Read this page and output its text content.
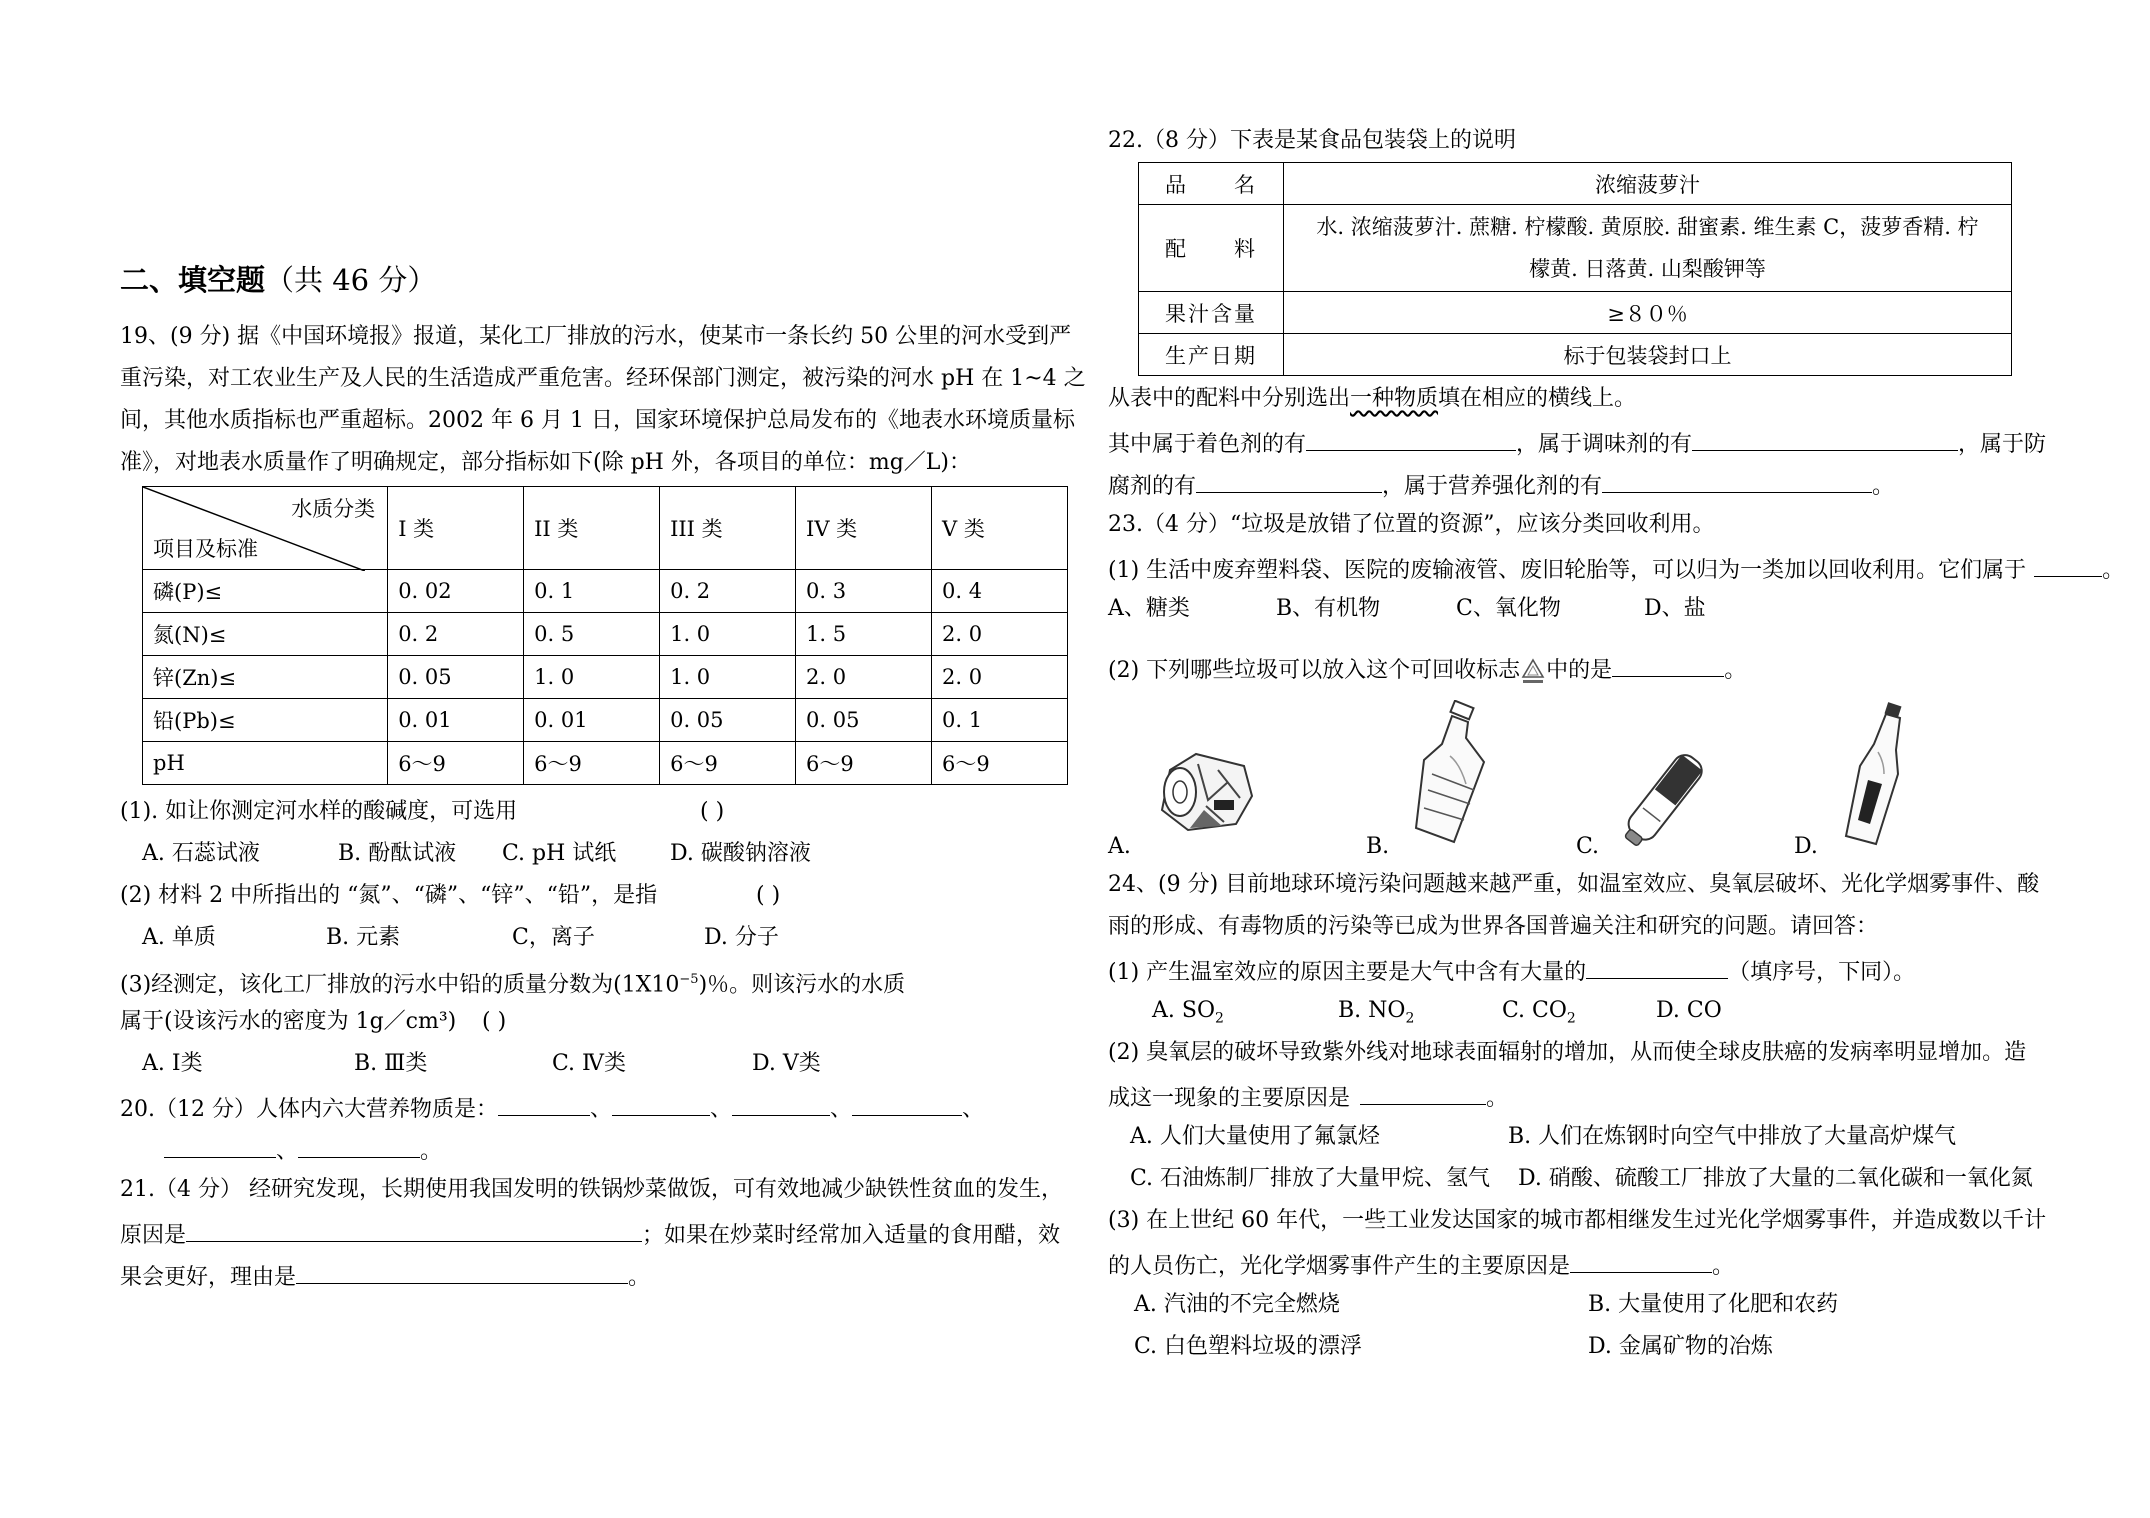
二、填空题（共 46 分）
19、(9 分) 据《中国环境报》报道，某化工厂排放的污水，使某市一条长约 50 公里的河水受到严
重污染，对工农业生产及人民的生活造成严重危害。经环保部门测定，被污染的河水 pH 在 1~4 之
间，其他水质指标也严重超标。2002 年 6 月 1 日，国家环境保护总局发布的《地表水环境质量标
准》，对地表水质量作了明确规定，部分指标如下(除 pH 外，各项目的单位：mg／L)：
水质分类
项目及标准	I 类	II 类	III 类	IV 类	V 类
磷(P)≤	0. 02	0. 1	0. 2	0. 3	0. 4
氮(N)≤	0. 2	0. 5	1. 0	1. 5	2. 0
锌(Zn)≤	0. 05	1. 0	1. 0	2. 0	2. 0
铅(Pb)≤	0. 01	0. 01	0. 05	0. 05	0. 1
pH	6～9	6～9	6～9	6～9	6～9
(1). 如让你测定河水样的酸碱度，可选用	( )
A. 石蕊试液	B. 酚酞试液 C. pH 试纸 D. 碳酸钠溶液
(2) 材料 2 中所指出的 “氮”、“磷”、“锌”、“铅”，是指	( )
A. 单质	B. 元素	C，离子	D. 分子
(3)经测定，该化工厂排放的污水中铅的质量分数为$(1X10^{-5})$％。则该污水的水质
属于(设该污水的密度为 1g／cm³) ( )
A. Ⅰ类	B. Ⅲ类	C. Ⅳ类	D. Ⅴ类
20.（12 分）人体内六大营养物质是：	、	、	、	、
、	。
21.（4 分） 经研究发现，长期使用我国发明的铁锅炒菜做饭，可有效地减少缺铁性贫血的发生，
原因是	；如果在炒菜时经常加入适量的食用醋，效
果会更好，理由是	。
22.（8 分）下表是某食品包装袋上的说明
品　　名	浓缩菠萝汁
配　　料	水. 浓缩菠萝汁. 蔗糖. 柠檬酸. 黄原胶. 甜蜜素. 维生素 C，菠萝香精. 柠
檬黄. 日落黄. 山梨酸钾等

果汁含量	≥８０％
生产日期	标于包装袋封口上
从表中的配料中分别选出一种物质填在相应的横线上。
其中属于着色剂的有	，属于调味剂的有	，属于防
腐剂的有	，属于营养强化剂的有	。
23.（4 分）“垃圾是放错了位置的资源”，应该分类回收利用。
(1) 生活中废弃塑料袋、医院的废输液管、废旧轮胎等，可以归为一类加以回收利用。它们属于	。
A、糖类	B、有机物	C、氧化物	D、盐
(2) 下列哪些垃圾可以放入这个可回收标志 中的是	。
A.	B.	C.	D.
24、(9 分) 目前地球环境污染问题越来越严重，如温室效应、臭氧层破坏、光化学烟雾事件、酸
雨的形成、有毒物质的污染等已成为世界各国普遍关注和研究的问题。请回答：
(1) 产生温室效应的原因主要是大气中含有大量的	（填序号，下同）。
A. $SO_2$	B. $NO_2$	C. $CO_2$	D. CO
(2) 臭氧层的破坏导致紫外线对地球表面辐射的增加，从而使全球皮肤癌的发病率明显增加。造
成这一现象的主要原因是	。
A. 人们大量使用了氟氯烃	B. 人们在炼钢时向空气中排放了大量高炉煤气
C. 石油炼制厂排放了大量甲烷、氢气 D. 硝酸、硫酸工厂排放了大量的二氧化碳和一氧化氮
(3) 在上世纪 60 年代，一些工业发达国家的城市都相继发生过光化学烟雾事件，并造成数以千计
的人员伤亡，光化学烟雾事件产生的主要原因是	。
A. 汽油的不完全燃烧	B. 大量使用了化肥和农药
C. 白色塑料垃圾的漂浮	D. 金属矿物的冶炼
